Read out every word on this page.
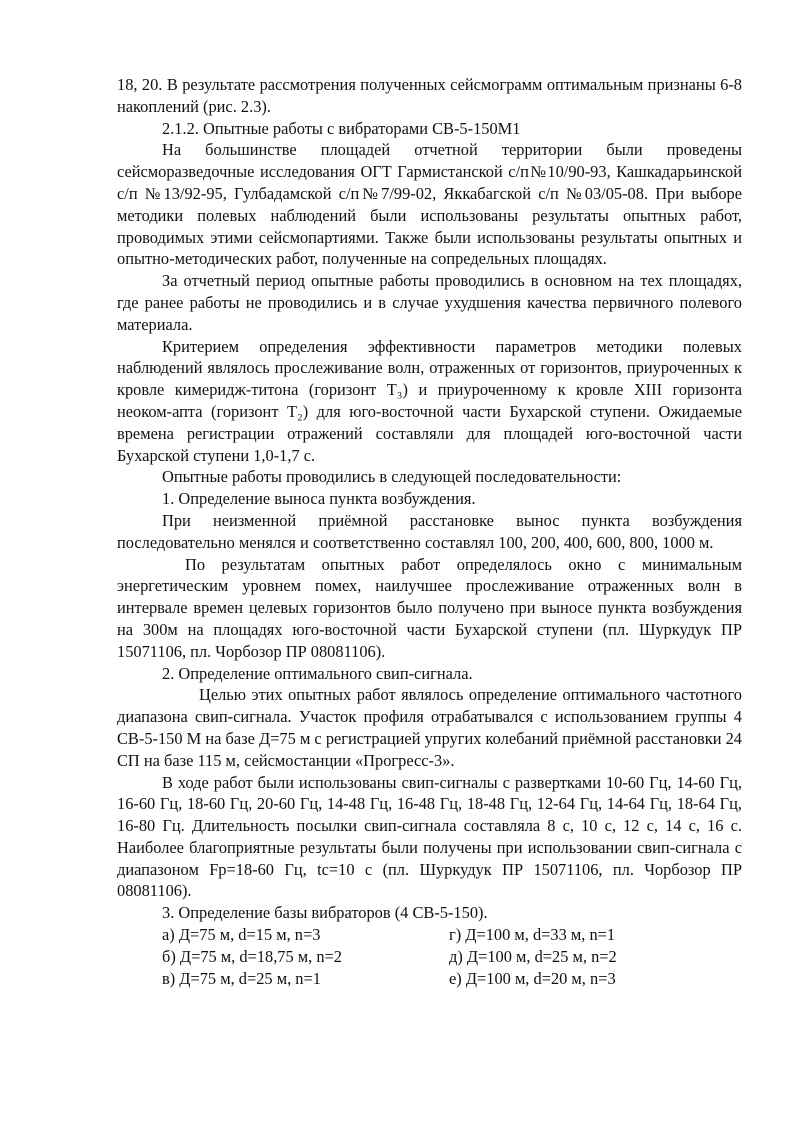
18, 20. В результате рассмотрения полученных сейсмограмм оптимальным признаны 6-8 накоплений (рис. 2.3).

2.1.2. Опытные работы с вибраторами СВ-5-150М1

На большинстве площадей отчетной территории были проведены сейсморазведочные исследования ОГТ Гармистанской с/п№10/90-93, Кашкадарьинской с/п №13/92-95, Гулбадамской с/п№7/99-02, Яккабагской с/п №03/05-08. При выборе методики полевых наблюдений были использованы результаты опытных работ, проводимых этими сейсмопартиями. Также были использованы результаты опытных и опытно-методических работ, полученные на сопредельных площадях.

За отчетный период опытные работы проводились в основном на тех площадях, где ранее работы не проводились и в случае ухудшения качества первичного полевого материала.

Критерием определения эффективности параметров методики полевых наблюдений являлось прослеживание волн, отраженных от горизонтов, приуроченных к кровле кимеридж-титона (горизонт Т₃) и приуроченному к кровле XIII горизонта неоком-апта (горизонт Т₂) для юго-восточной части Бухарской ступени. Ожидаемые времена регистрации отражений составляли для площадей юго-восточной части Бухарской ступени 1,0-1,7 с.

Опытные работы проводились в следующей последовательности:

1. Определение выноса пункта возбуждения.

При неизменной приёмной расстановке вынос пункта возбуждения последовательно менялся и соответственно составлял 100, 200, 400, 600, 800, 1000 м.

По результатам опытных работ определялось окно с минимальным энергетическим уровнем помех, наилучшее прослеживание отраженных волн в интервале времен целевых горизонтов было получено при выносе пункта возбуждения на 300м на площадях юго-восточной части Бухарской ступени (пл. Шуркудук ПР 15071106, пл. Чорбозор ПР 08081106).

2. Определение оптимального свип-сигнала.

Целью этих опытных работ являлось определение оптимального частотного диапазона свип-сигнала. Участок профиля отрабатывался с использованием группы 4 СВ-5-150 М на базе Д=75 м с регистрацией упругих колебаний приёмной расстановки 24 СП на базе 115 м, сейсмостанции «Прогресс-3».

В ходе работ были использованы свип-сигналы с развертками 10-60 Гц, 14-60 Гц, 16-60 Гц, 18-60 Гц, 20-60 Гц, 14-48 Гц, 16-48 Гц, 18-48 Гц, 12-64 Гц, 14-64 Гц, 18-64 Гц, 16-80 Гц. Длительность посылки свип-сигнала составляла 8 с, 10 с, 12 с, 14 с, 16 с. Наиболее благоприятные результаты были получены при использовании свип-сигнала с диапазоном Fр=18-60 Гц, tс=10 с (пл. Шуркудук ПР 15071106, пл. Чорбозор ПР 08081106).

3. Определение базы вибраторов (4 СВ-5-150).

а) Д=75 м, d=15 м, n=3	г) Д=100 м, d=33 м, n=1
б) Д=75 м, d=18,75 м, n=2	д) Д=100 м, d=25 м, n=2
в) Д=75 м, d=25 м, n=1	е) Д=100 м, d=20 м, n=3
